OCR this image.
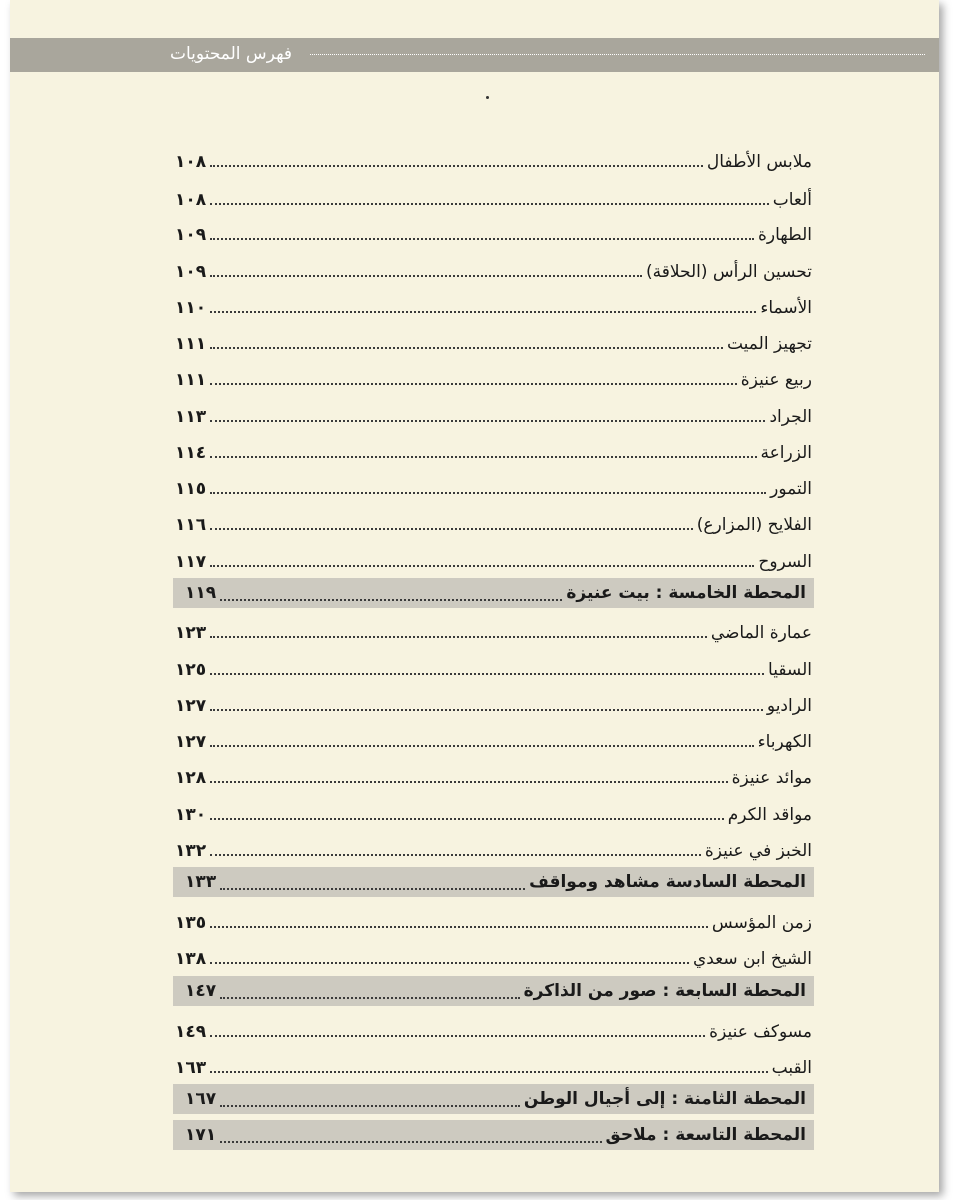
فهرس المحتويات
ملابس الأطفال
١٠٨
ألعاب
١٠٨
الطهارة
١٠٩
تحسين الرأس (الحلاقة)
١٠٩
الأسماء
١١٠
تجهيز الميت
١١١
ربيع عنيزة
١١١
الجراد
١١٣
الزراعة
١١٤
التمور
١١٥
الفلايح (المزارع)
١١٦
السروح
١١٧
المحطة الخامسة : بيت عنيزة
١١٩
عمارة الماضي
١٢٣
السقيا
١٢٥
الراديو
١٢٧
الكهرباء
١٢٧
موائد عنيزة
١٢٨
مواقد الكرم
١٣٠
الخبز في عنيزة
١٣٢
المحطة السادسة مشاهد ومواقف
١٣٣
زمن المؤسس
١٣٥
الشيخ ابن سعدي
١٣٨
المحطة السابعة : صور من الذاكرة
١٤٧
مسوكف عنيزة
١٤٩
القبب
١٦٣
المحطة الثامنة : إلى أجيال الوطن
١٦٧
المحطة التاسعة : ملاحق
١٧١
